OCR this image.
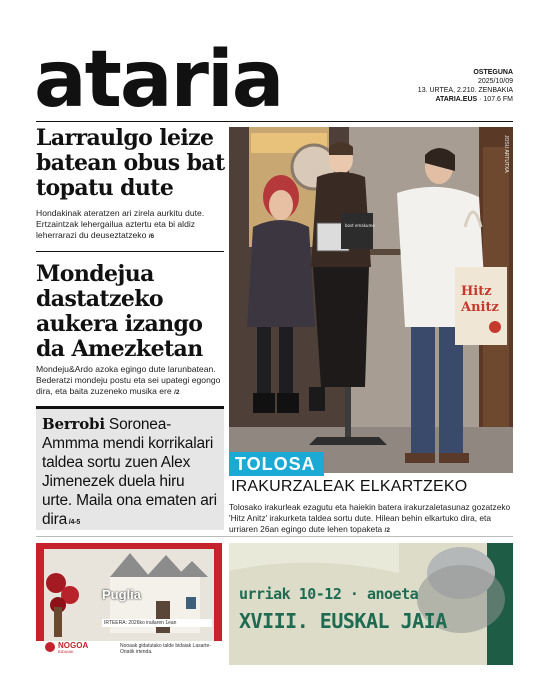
ataria	OSTEGUNA
2025/10/09
13. URTEA, 2.210. ZENBAKIA
ATARIA.EUS · 107.6 FM
Larraulgo leize batean obus bat topatu dute
Hondakinak ateratzen ari zirela aurkitu dute. Ertzaintzak lehergailua aztertu eta bi aldiz leherrarazi du deuseztatzeko /6
Mondejua dastatzeko aukera izango da Amezketan
Mondeju&Ardo azoka egingo dute larunbatean. Bederatzi mondeju postu eta sei upategi egongo dira, eta baita zuzeneko musika ere /2
Berrobi Soronea-Ammma mendi korrikalari taldea sortu zuen Alex Jimenezek duela hiru urte. Maila ona ematen ari dira /4-5
bost emakume
Hitz
Anitz
JOSU ARTUTXA
TOLOSA
IRAKURZALEAK ELKARTZEKO
Tolosako irakurleak ezagutu eta haiekin batera irakurzaletasunaz gozatzeko 'Hitz Anitz' irakurketa taldea sortu dute. Hilean behin elkartuko dira, eta urriaren 26an egingo dute lehen topaketa /2
Puglia
IRTEERA: 2026ko irailaren 1ean
NOGOA
BIDAIAK
Nooaak gidatutako talde bidaiak Lasarte-Oriatik irtenda.
943 37 36 73 · info@nooaa.eus · Hipodromo Etorbidea, 15 · Lasarte-Oria
urriak 10-12 · anoeta
XVIII. EUSKAL JAIA
